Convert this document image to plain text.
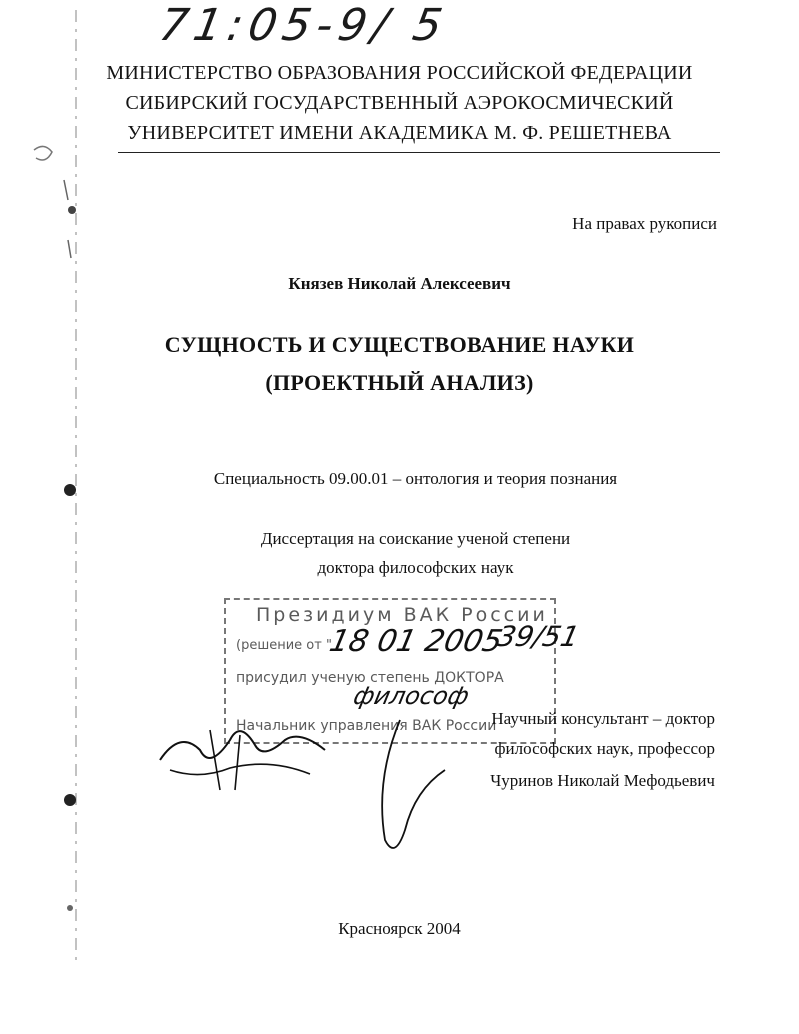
71:05-9/ 5
МИНИСТЕРСТВО ОБРАЗОВАНИЯ РОССИЙСКОЙ ФЕДЕРАЦИИ
СИБИРСКИЙ ГОСУДАРСТВЕННЫЙ АЭРОКОСМИЧЕСКИЙ
УНИВЕРСИТЕТ ИМЕНИ АКАДЕМИКА М. Ф. РЕШЕТНЕВА
На правах рукописи
Князев Николай Алексеевич
СУЩНОСТЬ И СУЩЕСТВОВАНИЕ НАУКИ
(ПРОЕКТНЫЙ АНАЛИЗ)
Специальность 09.00.01 – онтология и теория познания
Диссертация на соискание ученой степени
доктора философских наук
Президиум ВАК России
(решение от "
18 01 2005
39/51
присудил ученую степень ДОКТОРА
философ
Начальник управления ВАК России
Научный консультант – доктор
философских наук, профессор
Чуринов Николай Мефодьевич
Красноярск 2004
